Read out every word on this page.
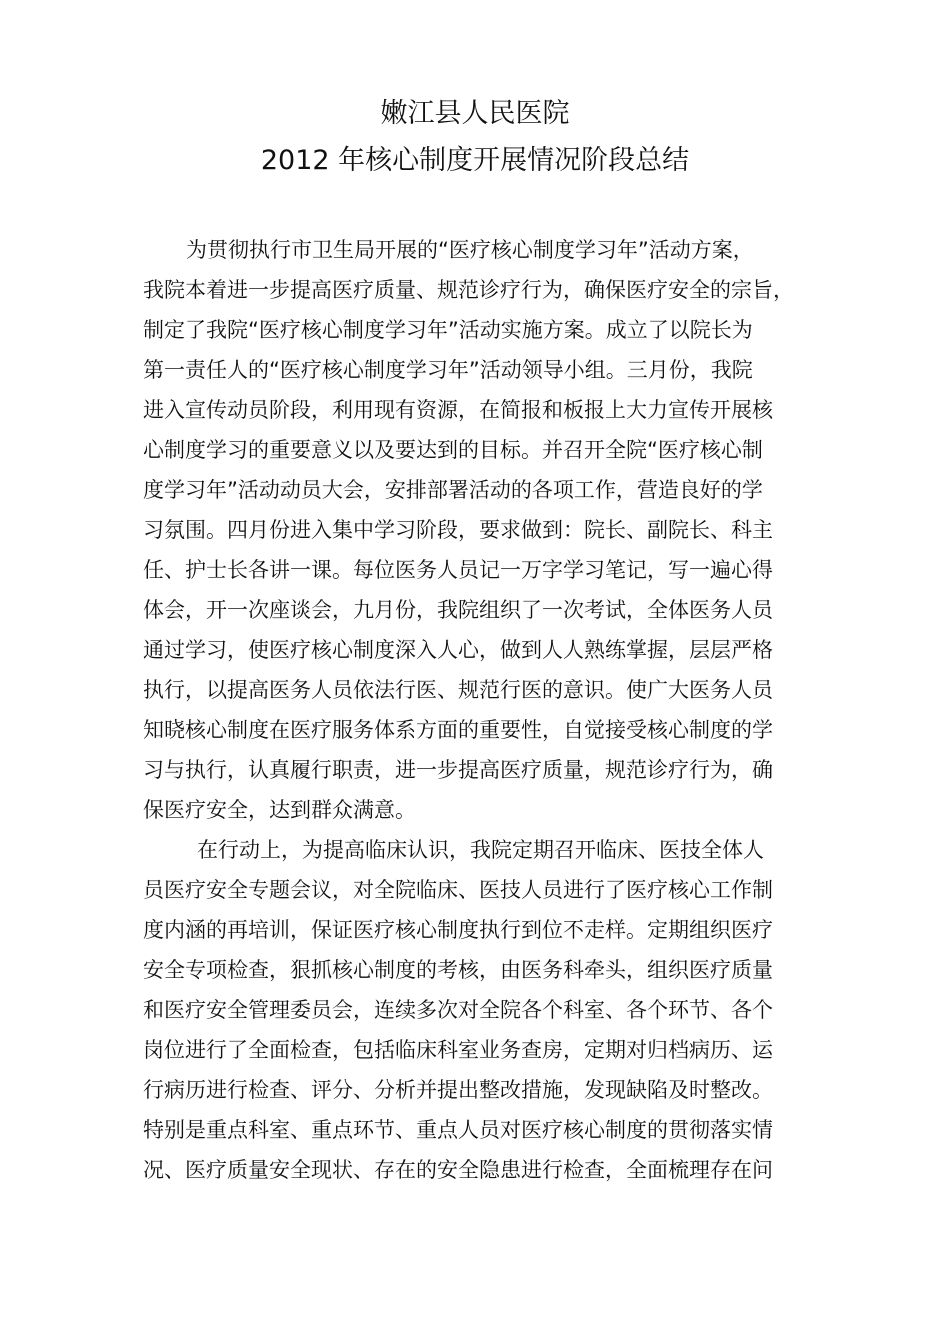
嫩江县人民医院
2012 年核心制度开展情况阶段总结
为贯彻执行市卫生局开展的“医疗核心制度学习年”活动方案，
我院本着进一步提高医疗质量、规范诊疗行为，确保医疗安全的宗旨，
制定了我院“医疗核心制度学习年”活动实施方案。成立了以院长为
第一责任人的“医疗核心制度学习年”活动领导小组。三月份，我院
进入宣传动员阶段，利用现有资源，在简报和板报上大力宣传开展核
心制度学习的重要意义以及要达到的目标。并召开全院“医疗核心制
度学习年”活动动员大会，安排部署活动的各项工作，营造良好的学
习氛围。四月份进入集中学习阶段，要求做到：院长、副院长、科主
任、护士长各讲一课。每位医务人员记一万字学习笔记，写一遍心得
体会，开一次座谈会，九月份，我院组织了一次考试，全体医务人员
通过学习，使医疗核心制度深入人心，做到人人熟练掌握，层层严格
执行，以提高医务人员依法行医、规范行医的意识。使广大医务人员
知晓核心制度在医疗服务体系方面的重要性，自觉接受核心制度的学
习与执行，认真履行职责，进一步提高医疗质量，规范诊疗行为，确
保医疗安全，达到群众满意。
在行动上，为提高临床认识，我院定期召开临床、医技全体人
员医疗安全专题会议，对全院临床、医技人员进行了医疗核心工作制
度内涵的再培训，保证医疗核心制度执行到位不走样。定期组织医疗
安全专项检查，狠抓核心制度的考核，由医务科牵头，组织医疗质量
和医疗安全管理委员会，连续多次对全院各个科室、各个环节、各个
岗位进行了全面检查，包括临床科室业务查房，定期对归档病历、运
行病历进行检查、评分、分析并提出整改措施，发现缺陷及时整改。
特别是重点科室、重点环节、重点人员对医疗核心制度的贯彻落实情
况、医疗质量安全现状、存在的安全隐患进行检查，全面梳理存在问
